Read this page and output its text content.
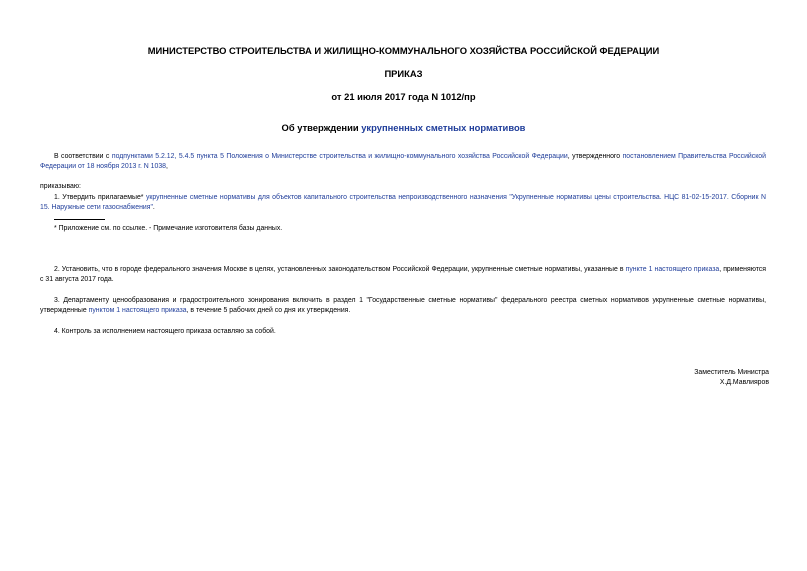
МИНИСТЕРСТВО СТРОИТЕЛЬСТВА И ЖИЛИЩНО-КОММУНАЛЬНОГО ХОЗЯЙСТВА РОССИЙСКОЙ ФЕДЕРАЦИИ
ПРИКАЗ
от 21 июля 2017 года N 1012/пр
Об утверждении укрупненных сметных нормативов
В соответствии с подпунктами 5.2.12, 5.4.5 пункта 5 Положения о Министерстве строительства и жилищно-коммунального хозяйства Российской Федерации, утвержденного постановлением Правительства Российской Федерации от 18 ноября 2013 г. N 1038,
приказываю:
1. Утвердить прилагаемые* укрупненные сметные нормативы для объектов капитального строительства непроизводственного назначения "Укрупненные нормативы цены строительства. НЦС 81-02-15-2017. Сборник N 15. Наружные сети газоснабжения".
* Приложение см. по ссылке. - Примечание изготовителя базы данных.
2. Установить, что в городе федерального значения Москве в целях, установленных законодательством Российской Федерации, укрупненные сметные нормативы, указанные в пункте 1 настоящего приказа, применяются с 31 августа 2017 года.
3. Департаменту ценообразования и градостроительного зонирования включить в раздел 1 "Государственные сметные нормативы" федерального реестра сметных нормативов укрупненные сметные нормативы, утвержденные пунктом 1 настоящего приказа, в течение 5 рабочих дней со дня их утверждения.
4. Контроль за исполнением настоящего приказа оставляю за собой.
Заместитель Министра
Х.Д.Мавлияров
